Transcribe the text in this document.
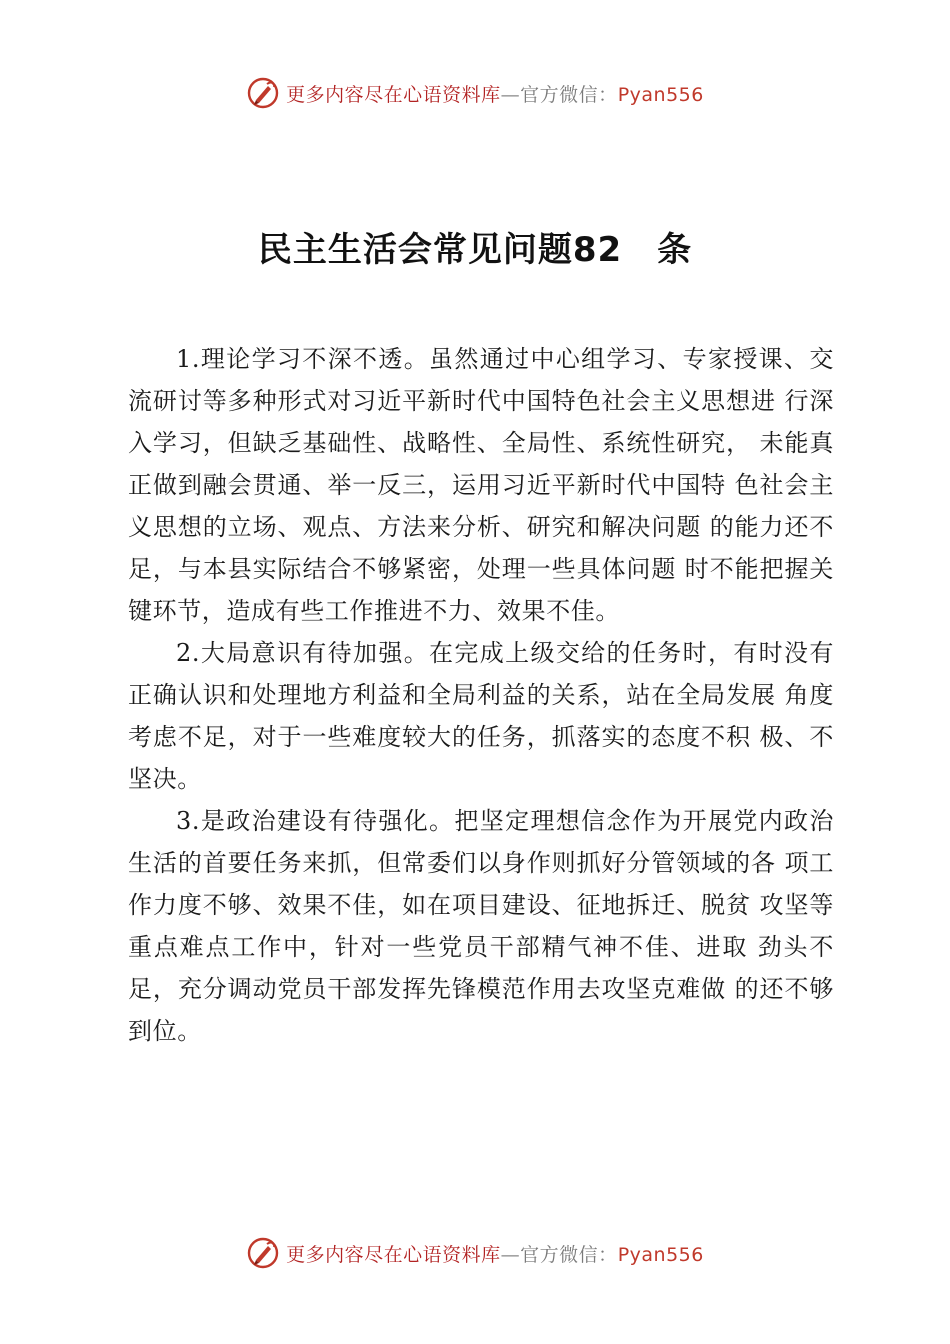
更多内容尽在心语资料库—官方微信：Pyan556
民主生活会常见问题82　条

1.理论学习不深不透。虽然通过中心组学习、专家授课、交流研讨等多种形式对习近平新时代中国特色社会主义思想进 行深入学习，但缺乏基础性、战略性、全局性、系统性研究， 未能真正做到融会贯通、举一反三，运用习近平新时代中国特 色社会主义思想的立场、观点、方法来分析、研究和解决问题 的能力还不足，与本县实际结合不够紧密，处理一些具体问题 时不能把握关键环节，造成有些工作推进不力、效果不佳。

2.大局意识有待加强。在完成上级交给的任务时，有时没有正确认识和处理地方利益和全局利益的关系，站在全局发展 角度考虑不足，对于一些难度较大的任务，抓落实的态度不积 极、不坚决。

3.是政治建设有待强化。把坚定理想信念作为开展党内政治生活的首要任务来抓，但常委们以身作则抓好分管领域的各 项工作力度不够、效果不佳，如在项目建设、征地拆迁、脱贫 攻坚等重点难点工作中，针对一些党员干部精气神不佳、进取 劲头不足，充分调动党员干部发挥先锋模范作用去攻坚克难做 的还不够到位。

更多内容尽在心语资料库—官方微信：Pyan556
